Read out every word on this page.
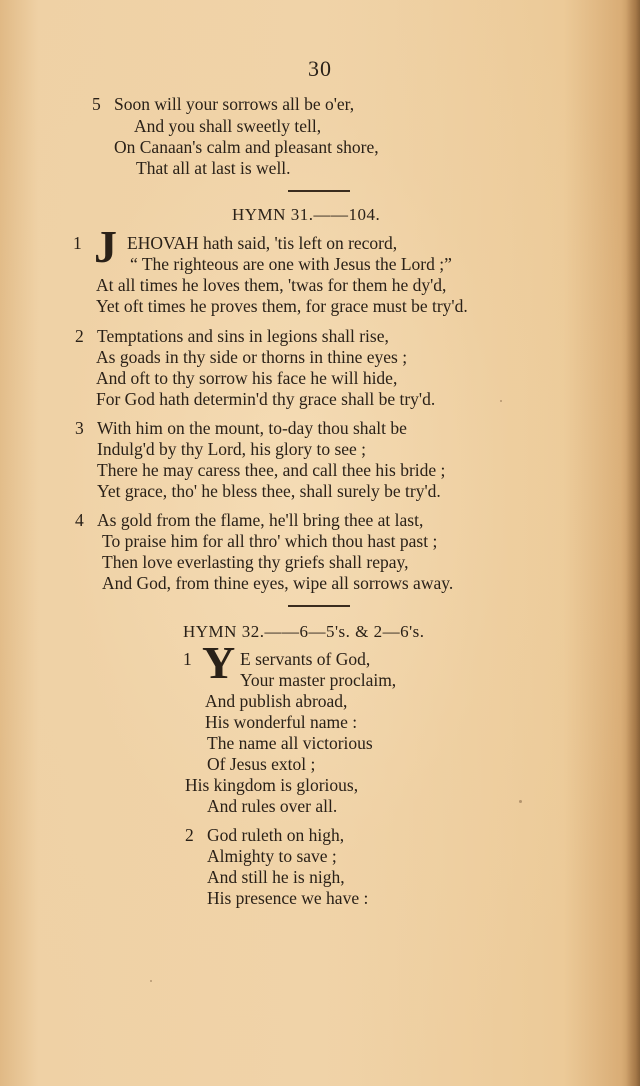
30
5 Soon will your sorrows all be o'er,
And you shall sweetly tell,
On Canaan's calm and pleasant shore,
That all at last is well.
HYMN 31.——104.
1 J EHOVAH hath said, 'tis left on record,
“ The righteous are one with Jesus the Lord ;”
At all times he loves them, 'twas for them he dy'd,
Yet oft times he proves them, for grace must be try'd.
2 Temptations and sins in legions shall rise,
As goads in thy side or thorns in thine eyes ;
And oft to thy sorrow his face he will hide,
For God hath determin'd thy grace shall be try'd.
3 With him on the mount, to-day thou shalt be
Indulg'd by thy Lord, his glory to see ;
There he may caress thee, and call thee his bride ;
Yet grace, tho' he bless thee, shall surely be try'd.
4 As gold from the flame, he'll bring thee at last,
To praise him for all thro' which thou hast past ;
Then love everlasting thy griefs shall repay,
And God, from thine eyes, wipe all sorrows away.
HYMN 32.——6—5's. & 2—6's.
1 Y E servants of God,
Your master proclaim,
And publish abroad,
His wonderful name :
The name all victorious
Of Jesus extol ;
His kingdom is glorious,
And rules over all.
2 God ruleth on high,
Almighty to save ;
And still he is nigh,
His presence we have :
